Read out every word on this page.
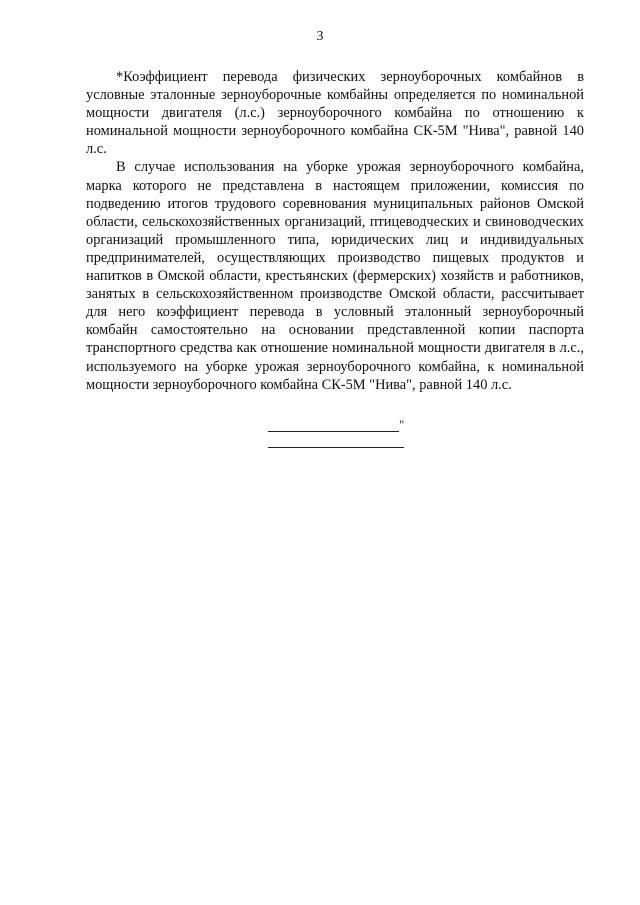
3

*Коэффициент перевода физических зерноуборочных комбайнов в условные эталонные зерноуборочные комбайны определяется по номинальной мощности двигателя (л.с.) зерноуборочного комбайна по отношению к номинальной мощности зерноуборочного комбайна СК-5М "Нива", равной 140 л.с.

В случае использования на уборке урожая зерноуборочного комбайна, марка которого не представлена в настоящем приложении, комиссия по подведению итогов трудового соревнования муниципальных районов Омской области, сельскохозяйственных организаций, птицеводческих и свиноводческих организаций промышленного типа, юридических лиц и индивидуальных предпринимателей, осуществляющих производство пищевых продуктов и напитков в Омской области, крестьянских (фермерских) хозяйств и работников, занятых в сельскохозяйственном производстве Омской области, рассчитывает для него коэффициент перевода в условный эталонный зерноуборочный комбайн самостоятельно на основании представленной копии паспорта транспортного средства как отношение номинальной мощности двигателя в л.с., используемого на уборке урожая зерноуборочного комбайна, к номинальной мощности зерноуборочного комбайна СК-5М "Нива", равной 140 л.с.

"
